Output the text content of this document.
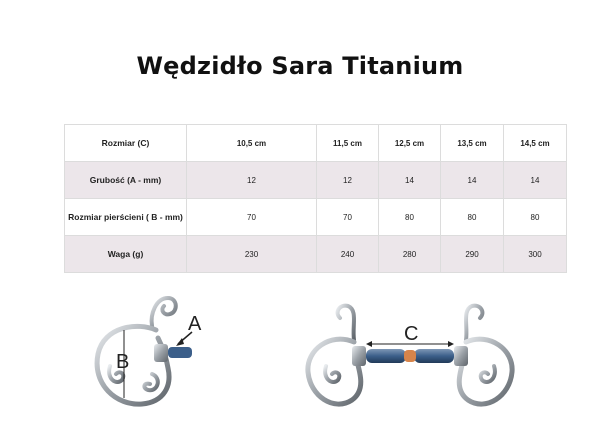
Wędzidło Sara Titanium
Rozmiar (C)	10,5 cm	11,5 cm	12,5 cm	13,5 cm	14,5 cm
Grubość (A - mm)	12	12	14	14	14
Rozmiar pierścieni ( B - mm)	70	70	80	80	80
Waga (g)	230	240	280	290	300
B
A	C
